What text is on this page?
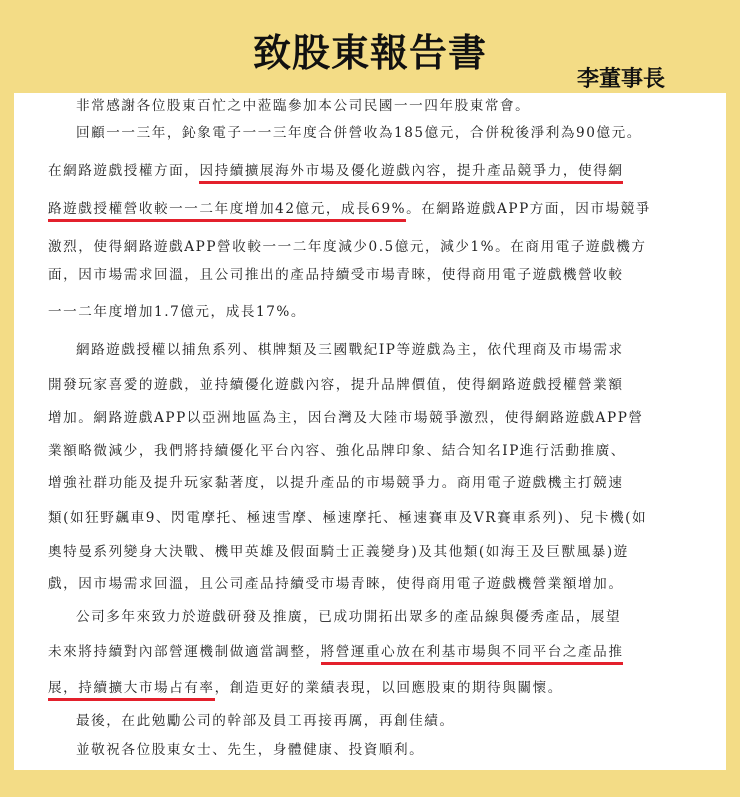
致股東報告書
李董事長
非常感謝各位股東百忙之中蒞臨參加本公司民國一一四年股東常會。
回顧一一三年，鈊象電子一一三年度合併營收為185億元，合併稅後淨利為90億元。
在網路遊戲授權方面，因持續擴展海外市場及優化遊戲內容，提升產品競爭力，使得網
路遊戲授權營收較一一二年度增加42億元，成長69%。在網路遊戲APP方面，因市場競爭
激烈，使得網路遊戲APP營收較一一二年度減少0.5億元，減少1%。在商用電子遊戲機方
面，因市場需求回溫，且公司推出的產品持續受市場青睞，使得商用電子遊戲機營收較
一一二年度增加1.7億元，成長17%。
網路遊戲授權以捕魚系列、棋牌類及三國戰紀IP等遊戲為主，依代理商及市場需求
開發玩家喜愛的遊戲，並持續優化遊戲內容，提升品牌價值，使得網路遊戲授權營業額
增加。網路遊戲APP以亞洲地區為主，因台灣及大陸市場競爭激烈，使得網路遊戲APP營
業額略微減少，我們將持續優化平台內容、強化品牌印象、結合知名IP進行活動推廣、
增強社群功能及提升玩家黏著度，以提升產品的市場競爭力。商用電子遊戲機主打競速
類(如狂野飆車9、閃電摩托、極速雪摩、極速摩托、極速賽車及VR賽車系列)、兒卡機(如
奧特曼系列變身大決戰、機甲英雄及假面騎士正義變身)及其他類(如海王及巨獸風暴)遊
戲，因市場需求回溫，且公司產品持續受市場青睞，使得商用電子遊戲機營業額增加。
公司多年來致力於遊戲研發及推廣，已成功開拓出眾多的產品線與優秀產品，展望
未來將持續對內部營運機制做適當調整，將營運重心放在利基市場與不同平台之產品推
展，持續擴大市場占有率，創造更好的業績表現，以回應股東的期待與關懷。
最後，在此勉勵公司的幹部及員工再接再厲，再創佳績。
並敬祝各位股東女士、先生，身體健康、投資順利。
